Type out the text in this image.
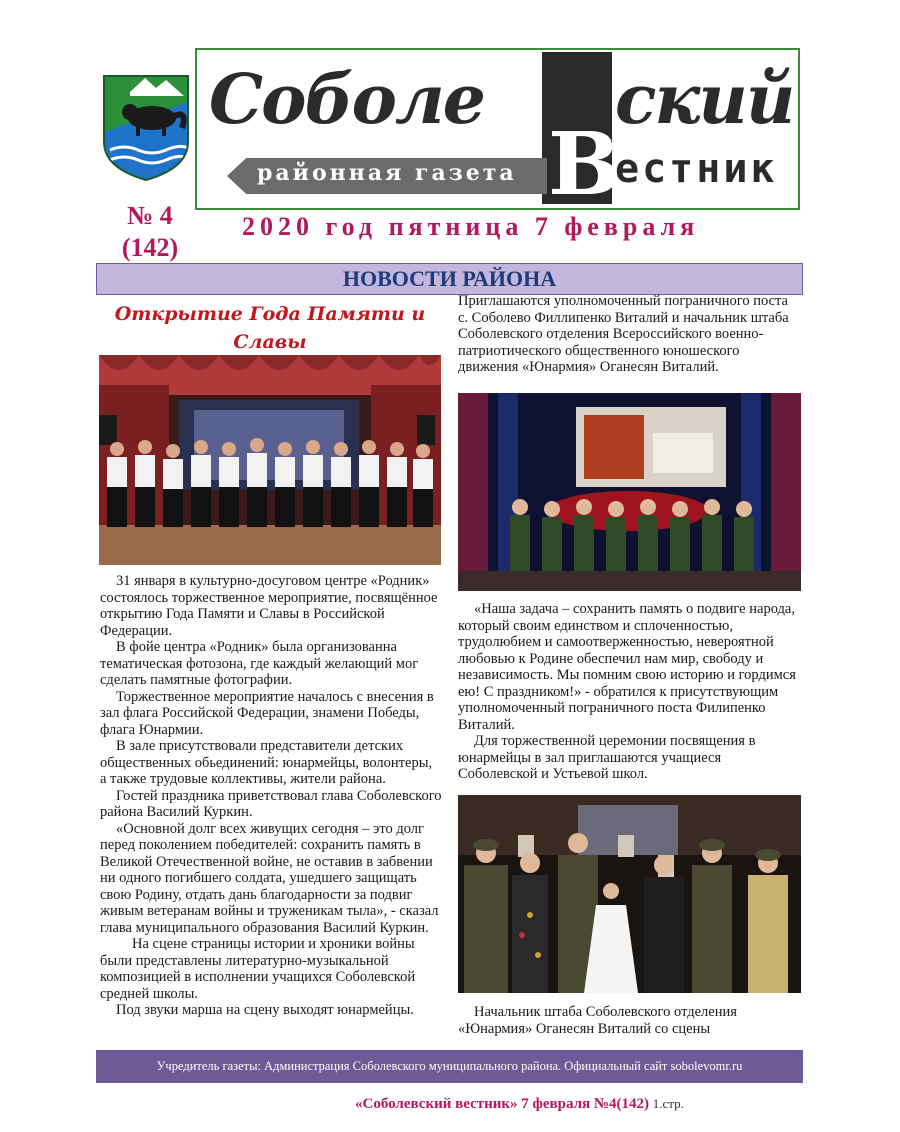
Соболе
В
ский
районная газета естник
№ 4
(142)
2020 год пятница 7 февраля
НОВОСТИ РАЙОНА
Открытие Года Памяти и Славы

31 января в культурно-досуговом центре «Родник» состоялось торжественное мероприятие, посвящённое открытию Года Памяти и Славы в Российской Федерации.

В фойе центра «Родник» была организованна тематическая фотозона, где каждый желающий мог сделать памятные фотографии.

Торжественное мероприятие началось с внесения в зал флага Российской Федерации, знамени Победы, флага Юнармии.

В зале присутствовали представители детских общественных обьединений: юнармейцы, волонтеры, а также трудовые коллективы, жители района.

Гостей праздника приветствовал глава Соболевского района Василий Куркин.

«Основной долг всех живущих сегодня – это долг перед поколением победителей: сохранить память в Великой Отечественной войне, не оставив в забвении ни одного погибшего солдата, ушедшего защищать свою Родину, отдать дань благодарности за подвиг живым ветеранам войны и труженикам тыла», - сказал глава муниципального образования Василий Куркин.

На сцене страницы истории и хроники войны были представлены литературно-музыкальной композицией в исполнении учащихся Соболевской средней школы.

Под звуки марша на сцену выходят юнармейцы.

Приглашаются уполномоченный пограничного поста с. Соболево Филлипенко Виталий и начальник штаба Соболевского отделения Всероссийского военно-патриотического общественного юношеского движения «Юнармия» Оганесян Виталий.

«Наша задача – сохранить память о подвиге народа, который своим единством и сплоченностью, трудолюбием и самоотверженностью, невероятной любовью к Родине обеспечил нам мир, свободу и независимость. Мы помним свою историю и гордимся ею! С праздником!» - обратился к присутствующим уполномоченный пограничного поста Филипенко Виталий.

Для торжественной церемонии посвящения в юнармейцы в зал приглашаются учащиеся Соболевской и Устьевой школ.

Начальник штаба Соболевского отделения «Юнармия» Оганесян Виталий со сцены

Учредитель газеты: Администрация Соболевского муниципального района. Официальный сайт sobolevomr.ru
«Соболевский вестник» 7 февраля №4(142) 1.стр.
